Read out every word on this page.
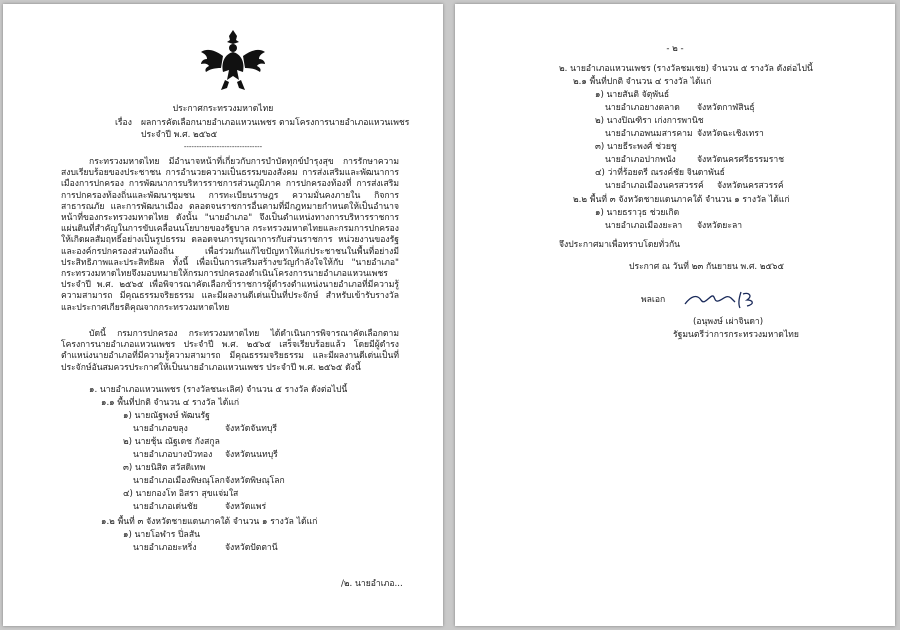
ประกาศกระทรวงมหาดไทย
เรื่อง ผลการคัดเลือกนายอำเภอแหวนเพชร ตามโครงการนายอำเภอแหวนเพชร
ประจำปี พ.ศ. ๒๕๖๕
-------------------------------
กระทรวงมหาดไทย มีอำนาจหน้าที่เกี่ยวกับการบำบัดทุกข์บำรุงสุข การรักษาความสงบเรียบร้อยของประชาชน การอำนวยความเป็นธรรมของสังคม การส่งเสริมและพัฒนาการเมืองการปกครอง การพัฒนาการบริหารราชการส่วนภูมิภาค การปกครองท้องที่ การส่งเสริมการปกครองท้องถิ่นและพัฒนาชุมชน การทะเบียนราษฎร ความมั่นคงภายใน กิจการสาธารณภัย และการพัฒนาเมือง ตลอดจนราชการอื่นตามที่มีกฎหมายกำหนดให้เป็นอำนาจหน้าที่ของกระทรวงมหาดไทย ดังนั้น "นายอำเภอ" จึงเป็นตำแหน่งทางการบริหารราชการแผ่นดินที่สำคัญในการขับเคลื่อนนโยบายของรัฐบาล กระทรวงมหาดไทยและกรมการปกครอง ให้เกิดผลสัมฤทธิ์อย่างเป็นรูปธรรม ตลอดจนการบูรณาการกับส่วนราชการ หน่วยงานของรัฐ และองค์กรปกครองส่วนท้องถิ่น เพื่อร่วมกันแก้ไขปัญหาให้แก่ประชาชนในพื้นที่อย่างมีประสิทธิภาพและประสิทธิผล ทั้งนี้ เพื่อเป็นการเสริมสร้างขวัญกำลังใจให้กับ "นายอำเภอ" กระทรวงมหาดไทยจึงมอบหมายให้กรมการปกครองดำเนินโครงการนายอำเภอแหวนเพชร ประจำปี พ.ศ. ๒๕๖๕ เพื่อพิจารณาคัดเลือกข้าราชการผู้ดำรงตำแหน่งนายอำเภอที่มีความรู้ความสามารถ มีคุณธรรมจริยธรรม และมีผลงานดีเด่นเป็นที่ประจักษ์ สำหรับเข้ารับรางวัลและประกาศเกียรติคุณจากกระทรวงมหาดไทย
บัดนี้ กรมการปกครอง กระทรวงมหาดไทย ได้ดำเนินการพิจารณาคัดเลือกตามโครงการนายอำเภอแหวนเพชร ประจำปี พ.ศ. ๒๕๖๕ เสร็จเรียบร้อยแล้ว โดยมีผู้ดำรงตำแหน่งนายอำเภอที่มีความรู้ความสามารถ มีคุณธรรมจริยธรรม และมีผลงานดีเด่นเป็นที่ประจักษ์อันสมควรประกาศให้เป็นนายอำเภอแหวนเพชร ประจำปี พ.ศ. ๒๕๖๕ ดังนี้
๑. นายอำเภอแหวนเพชร (รางวัลชนะเลิศ) จำนวน ๕ รางวัล ดังต่อไปนี้
๑.๑ พื้นที่ปกติ จำนวน ๔ รางวัล ได้แก่
๑) นายณัฐพงษ์ พัฒนรัฐ
นายอำเภอขลุง	จังหวัดจันทบุรี
๒) นายชุ้น ณัฐเดช กังสกูล
นายอำเภอบางบัวทอง จังหวัดนนทบุรี
๓) นายนิสิต สวัสดิเทพ
นายอำเภอเมืองพิษณุโลก จังหวัดพิษณุโลก
๔) นายกองโท อิสรา สุขแจ่มใส
นายอำเภอเด่นชัย	จังหวัดแพร่
๑.๒ พื้นที่ ๓ จังหวัดชายแดนภาคใต้ จำนวน ๑ รางวัล ได้แก่
๑) นายโอฬาร ปิ่ลสัน
นายอำเภอยะหริ่ง	จังหวัดปัตตานี
/๒. นายอำเภอ...
- ๒ -
๒. นายอำเภอแหวนเพชร (รางวัลชมเชย) จำนวน ๕ รางวัล ดังต่อไปนี้
๒.๑ พื้นที่ปกติ จำนวน ๔ รางวัล ได้แก่
๑) นายสันติ จัตุพันธ์
นายอำเภอยางตลาด จังหวัดกาฬสินธุ์
๒) นางปิณฑิรา เก่งการพานิช
นายอำเภอพนมสารคาม จังหวัดฉะเชิงเทรา
๓) นายธีระพงศ์ ช่วยชู
นายอำเภอปากพนัง จังหวัดนครศรีธรรมราช
๔) ว่าที่ร้อยตรี ณรงค์ชัย จินดาพันธ์
นายอำเภอเมืองนครสวรรค์ จังหวัดนครสวรรค์
๒.๒ พื้นที่ ๓ จังหวัดชายแดนภาคใต้ จำนวน ๑ รางวัล ได้แก่
๑) นายธราวุธ ช่วยเกิด
นายอำเภอเมืองยะลา จังหวัดยะลา
จึงประกาศมาเพื่อทราบโดยทั่วกัน
ประกาศ ณ วันที่ ๒๓ กันยายน พ.ศ. ๒๕๖๕
พลเอก
(อนุพงษ์ เผ่าจินดา)
รัฐมนตรีว่าการกระทรวงมหาดไทย
